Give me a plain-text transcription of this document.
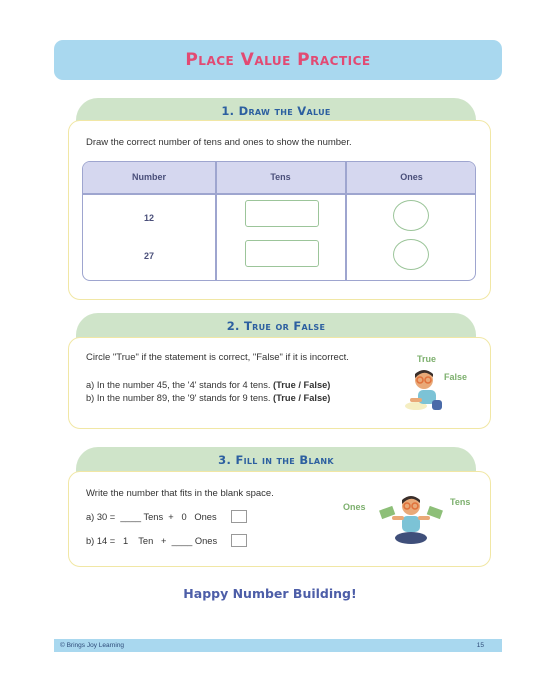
Place Value Practice
1. Draw the Value
Draw the correct number of tens and ones to show the number.
Number	Tens	Ones
12
27
2. True or False
Circle "True" if the statement is correct, "False" if it is incorrect.
a) In the number 45, the '4' stands for 4 tens. (True / False)
b) In the number 89, the '9' stands for 9 tens. (True / False)
True
False
3. Fill in the Blank
Write the number that fits in the blank space.
a) 30 =  ____ Tens  +   0   Ones
b) 14 =   1    Ten   +  ____ Ones
Ones	Tens
Happy Number Building!
© Brings Joy Learning	15
